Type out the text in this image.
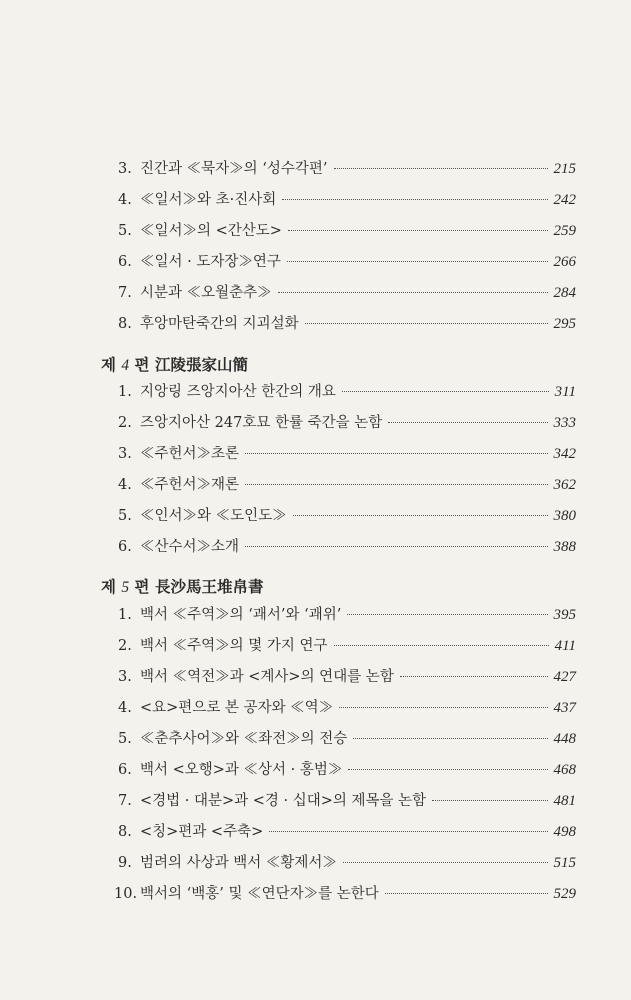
3. 진간과 ≪묵자≫의 ‘성수각편’	215
4. ≪일서≫와 초·진사회	242
5. ≪일서≫의 <간산도>	259
6. ≪일서 · 도자장≫연구	266
7. 시분과 ≪오월춘추≫	284
8. 후앙마탄죽간의 지괴설화	295
제 4 편 江陵張家山簡
1. 지앙링 즈앙지아산 한간의 개요	311
2. 즈앙지아산 247호묘 한률 죽간을 논함	333
3. ≪주헌서≫초론	342
4. ≪주헌서≫재론	362
5. ≪인서≫와 ≪도인도≫	380
6. ≪산수서≫소개	388
제 5 편 長沙馬王堆帛書
1. 백서 ≪주역≫의 ‘괘서’와 ‘괘위’	395
2. 백서 ≪주역≫의 몇 가지 연구	411
3. 백서 ≪역전≫과 <계사>의 연대를 논함	427
4. <요>편으로 본 공자와 ≪역≫	437
5. ≪춘추사어≫와 ≪좌전≫의 전승	448
6. 백서 <오행>과 ≪상서 · 홍범≫	468
7. <경법 · 대분>과 <경 · 십대>의 제목을 논함	481
8. <칭>편과 <주축>	498
9. 범려의 사상과 백서 ≪황제서≫	515
10. 백서의 ‘백홍’ 및 ≪연단자≫를 논한다	529
